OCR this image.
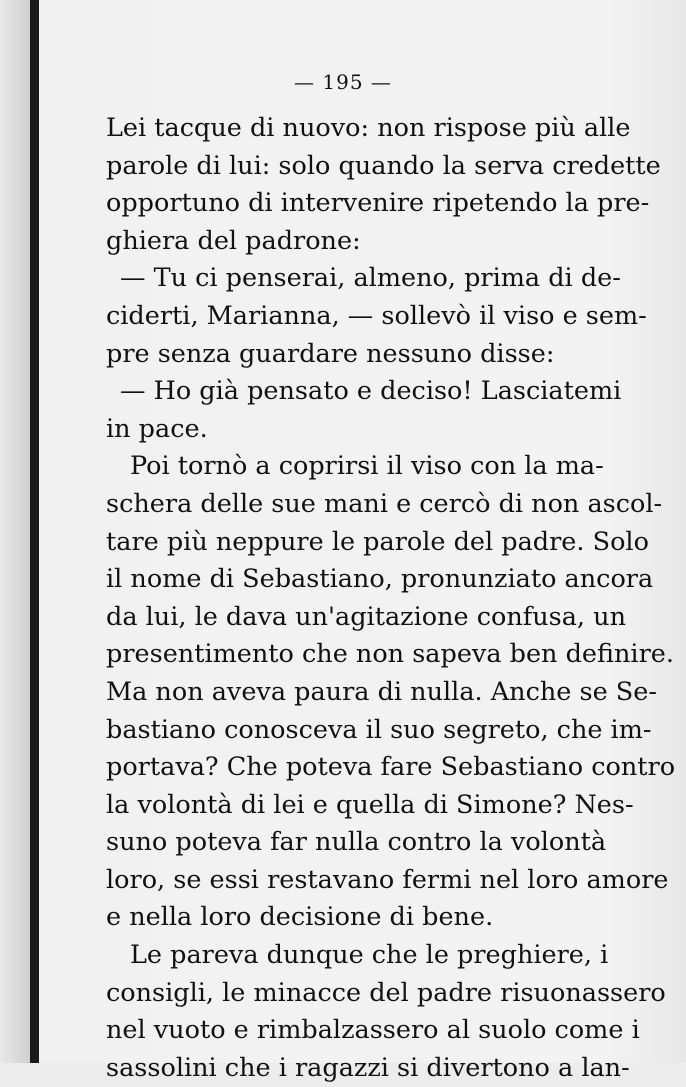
— 195 —
Lei tacque di nuovo: non rispose più alle
parole di lui: solo quando la serva credette
opportuno di intervenire ripetendo la pre-
ghiera del padrone:
— Tu ci penserai, almeno, prima di de-
ciderti, Marianna, — sollevò il viso e sem-
pre senza guardare nessuno disse:
— Ho già pensato e deciso! Lasciatemi
in pace.
Poi tornò a coprirsi il viso con la ma-
schera delle sue mani e cercò di non ascol-
tare più neppure le parole del padre. Solo
il nome di Sebastiano, pronunziato ancora
da lui, le dava un'agitazione confusa, un
presentimento che non sapeva ben definire.
Ma non aveva paura di nulla. Anche se Se-
bastiano conosceva il suo segreto, che im-
portava? Che poteva fare Sebastiano contro
la volontà di lei e quella di Simone? Nes-
suno poteva far nulla contro la volontà
loro, se essi restavano fermi nel loro amore
e nella loro decisione di bene.
Le pareva dunque che le preghiere, i
consigli, le minacce del padre risuonassero
nel vuoto e rimbalzassero al suolo come i
sassolini che i ragazzi si divertono a lan-
